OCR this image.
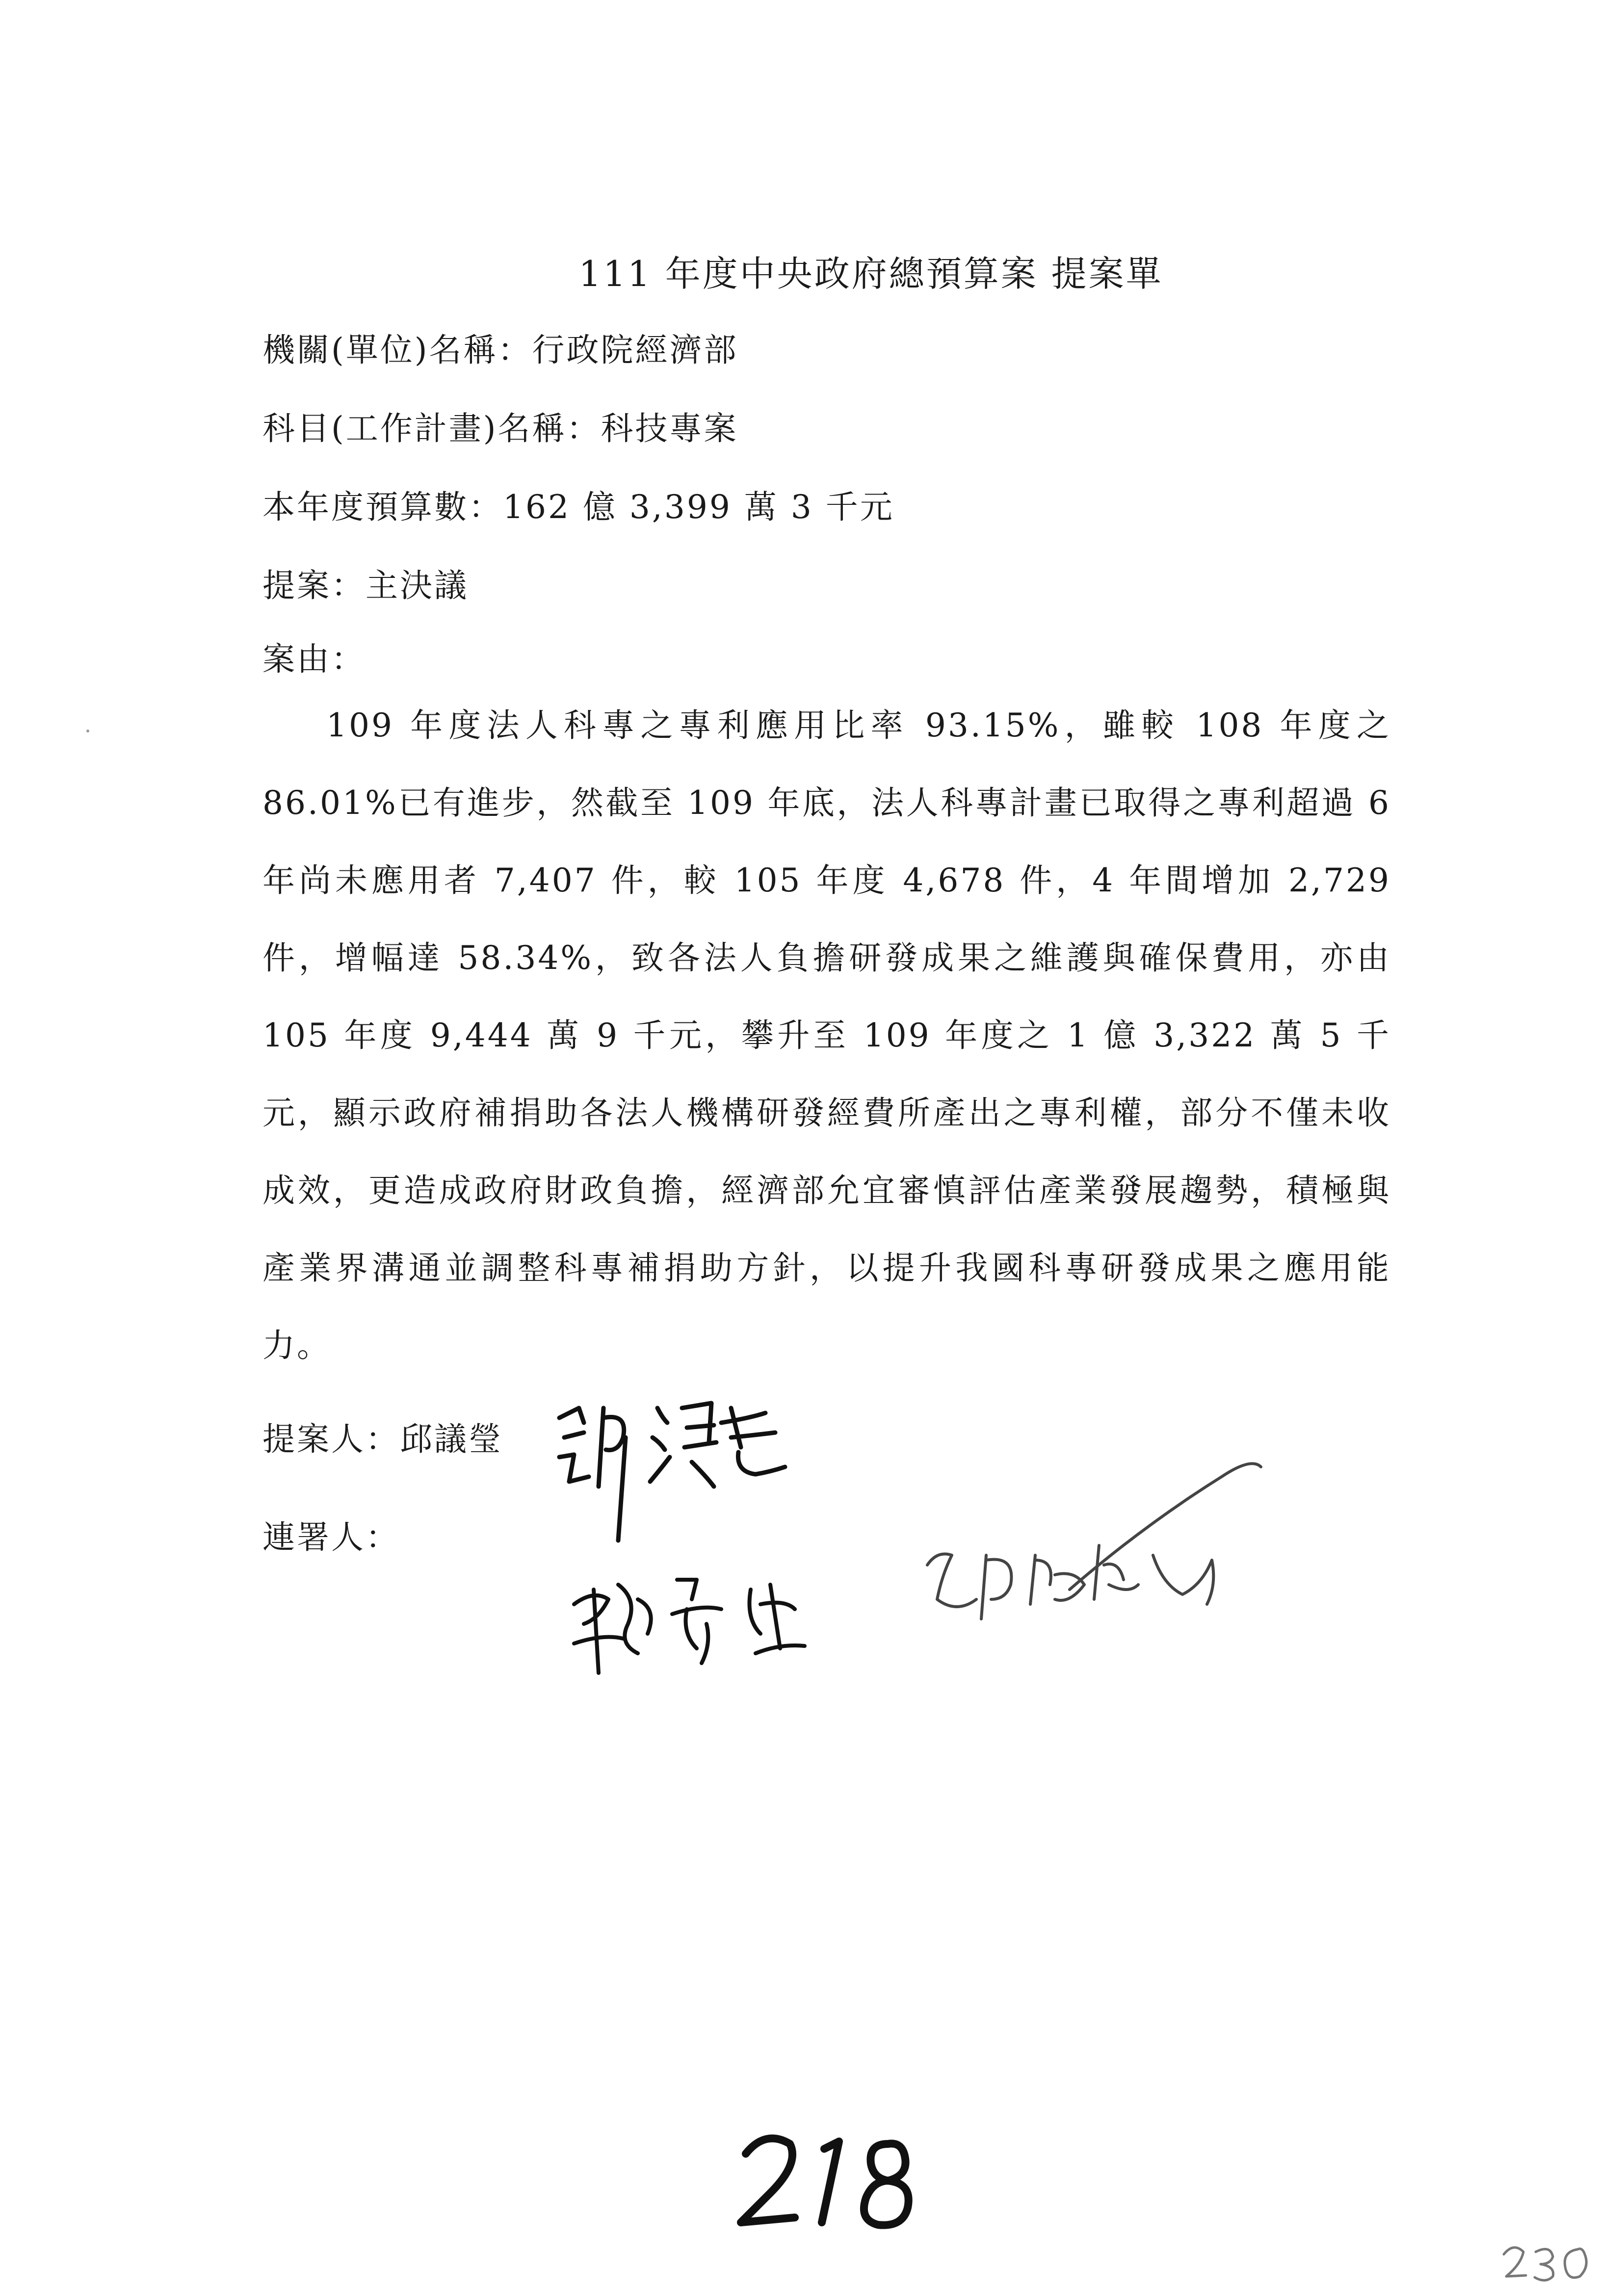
111 年度中央政府總預算案 提案單
機關(單位)名稱：行政院經濟部
科目(工作計畫)名稱：科技專案
本年度預算數：162 億 3,399 萬 3 千元
提案：主決議
案由：

109 年度法人科專之專利應用比率 93.15%，雖較 108 年度之 86.01%已有進步，然截至 109 年底，法人科專計畫已取得之專利超過 6 年尚未應用者 7,407 件，較 105 年度 4,678 件，4 年間增加 2,729 件，增幅達 58.34%，致各法人負擔研發成果之維護與確保費用，亦由 105 年度 9,444 萬 9 千元，攀升至 109 年度之 1 億 3,322 萬 5 千元，顯示政府補捐助各法人機構研發經費所產出之專利權，部分不僅未收成效，更造成政府財政負擔，經濟部允宜審慎評估產業發展趨勢，積極與產業界溝通並調整科專補捐助方針，以提升我國科專研發成果之應用能力。

提案人：邱議瑩
連署人：
